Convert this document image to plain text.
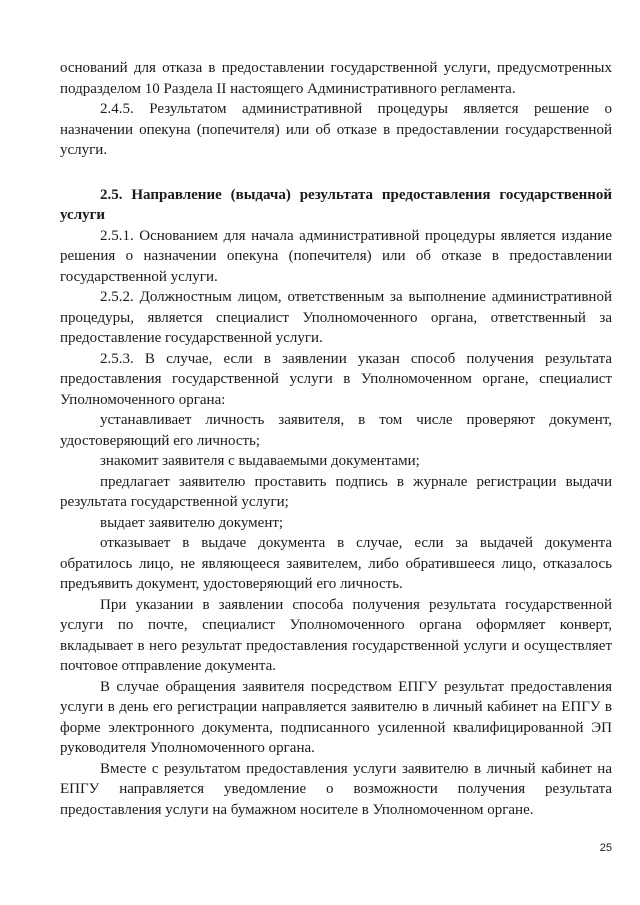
оснований для отказа в предоставлении государственной услуги, предусмотренных подразделом 10 Раздела II настоящего Административного регламента.

2.4.5. Результатом административной процедуры является решение о назначении опекуна (попечителя) или об отказе в предоставлении государственной услуги.

2.5. Направление (выдача) результата предоставления государственной услуги

2.5.1. Основанием для начала административной процедуры является издание решения о назначении опекуна (попечителя) или об отказе в предоставлении государственной услуги.

2.5.2. Должностным лицом, ответственным за выполнение административной процедуры, является специалист Уполномоченного органа, ответственный за предоставление государственной услуги.

2.5.3. В случае, если в заявлении указан способ получения результата предоставления государственной услуги в Уполномоченном органе, специалист Уполномоченного органа:

устанавливает личность заявителя, в том числе проверяют документ, удостоверяющий его личность;

знакомит заявителя с выдаваемыми документами;

предлагает заявителю проставить подпись в журнале регистрации выдачи результата государственной услуги;

выдает заявителю документ;

отказывает в выдаче документа в случае, если за выдачей документа обратилось лицо, не являющееся заявителем, либо обратившееся лицо, отказалось предъявить документ, удостоверяющий его личность.

При указании в заявлении способа получения результата государственной услуги по почте, специалист Уполномоченного органа оформляет конверт, вкладывает в него результат предоставления государственной услуги и осуществляет почтовое отправление документа.

В случае обращения заявителя посредством ЕПГУ результат предоставления услуги в день его регистрации направляется заявителю в личный кабинет на ЕПГУ в форме электронного документа, подписанного усиленной квалифицированной ЭП руководителя Уполномоченного органа.

Вместе с результатом предоставления услуги заявителю в личный кабинет на ЕПГУ направляется уведомление о возможности получения результата предоставления услуги на бумажном носителе в Уполномоченном органе.

25
